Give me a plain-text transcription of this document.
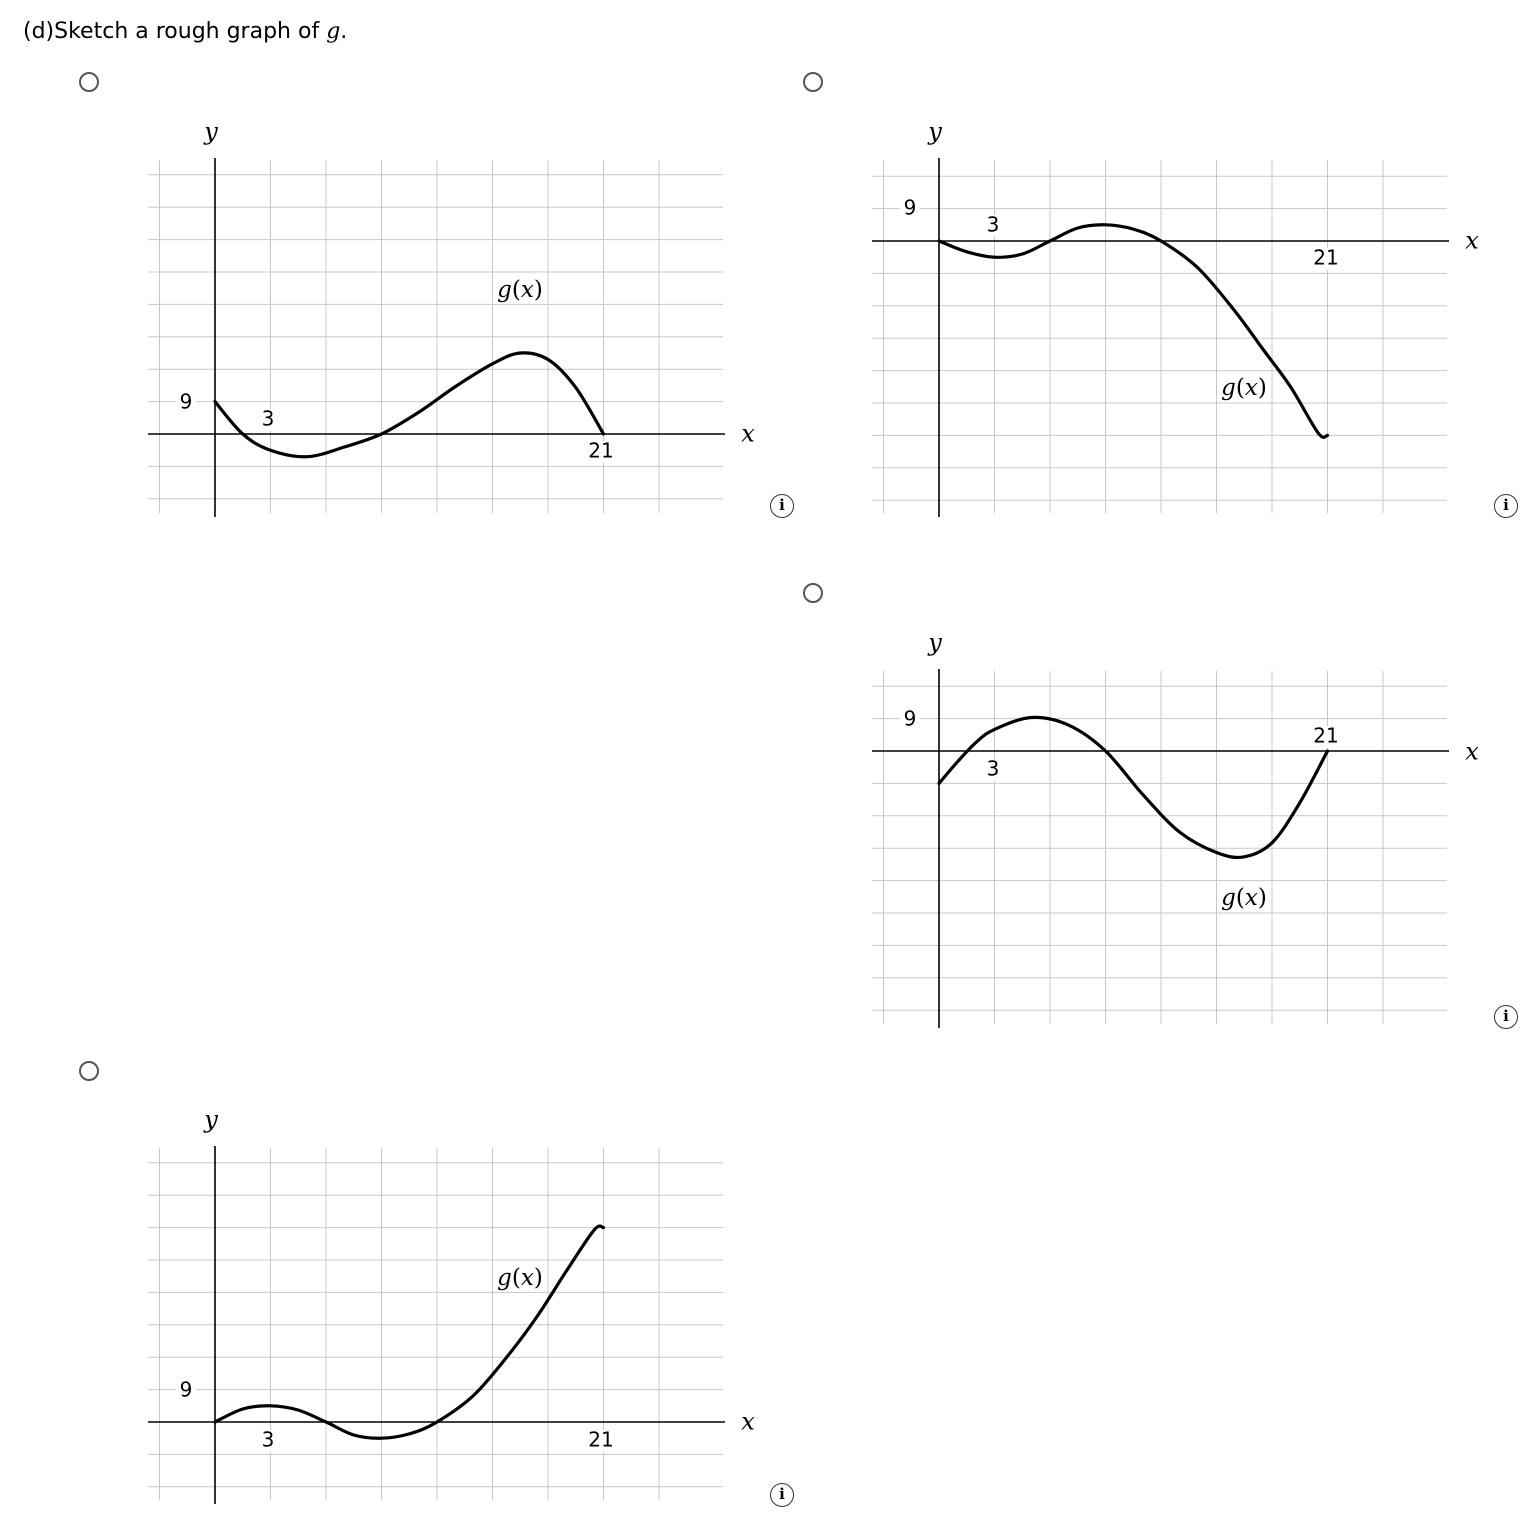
(d)Sketch a rough graph of g.
x
y
3
21
9
g(x)
i
x
y
3
21
9
g(x)
i
x
y
3
21
9
g(x)
i
x
y
3	21
9
g(x)
i
